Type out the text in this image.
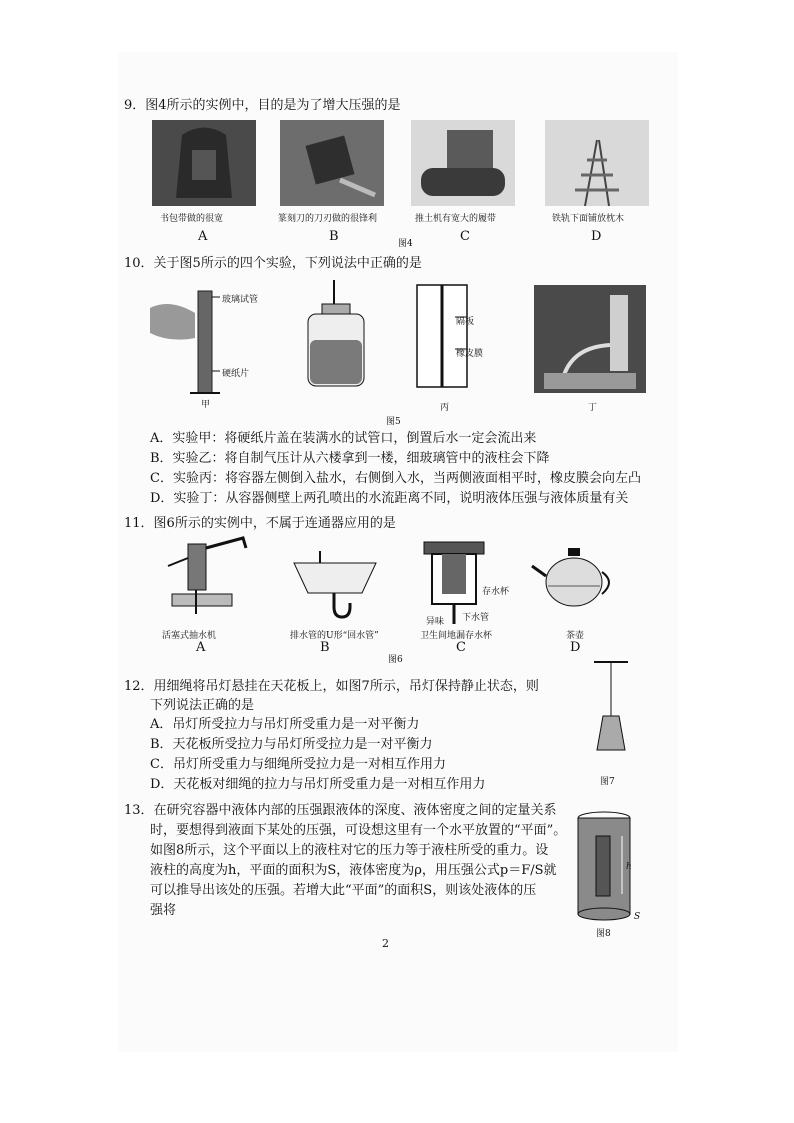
9．图4所示的实例中，目的是为了增大压强的是
书包带做的很宽	篆刻刀的刀刃做的很锋利	推土机有宽大的履带	铁轨下面铺放枕木
A	B	图4	C	D
10．关于图5所示的四个实验，下列说法中正确的是
玻璃试管
硬纸片
甲
隔板
橡皮膜
丙	丁
图5
A．实验甲：将硬纸片盖在装满水的试管口，倒置后水一定会流出来
B．实验乙：将自制气压计从六楼拿到一楼，细玻璃管中的液柱会下降
C．实验丙：将容器左侧倒入盐水，右侧倒入水，当两侧液面相平时，橡皮膜会向左凸
D．实验丁：从容器侧壁上两孔喷出的水流距离不同，说明液体压强与液体质量有关
11．图6所示的实例中，不属于连通器应用的是
存水杯
异味 下水管
活塞式抽水机	排水管的U形“回水管”	卫生间地漏存水杯	茶壶
A	B
图6
C	D
12．用细绳将吊灯悬挂在天花板上，如图7所示，吊灯保持静止状态，则
下列说法正确的是
A．吊灯所受拉力与吊灯所受重力是一对平衡力
B．天花板所受拉力与吊灯所受拉力是一对平衡力
C．吊灯所受重力与细绳所受拉力是一对相互作用力
D．天花板对细绳的拉力与吊灯所受重力是一对相互作用力	图7
13．在研究容器中液体内部的压强跟液体的深度、液体密度之间的定量关系
时，要想得到液面下某处的压强，可设想这里有一个水平放置的“平面”。
如图8所示，这个平面以上的液柱对它的压力等于液柱所受的重力。设
液柱的高度为h，平面的面积为S，液体密度为ρ，用压强公式p＝F/S就
可以推导出该处的压强。若增大此“平面”的面积S，则该处液体的压
强将
h
S
图8
2
